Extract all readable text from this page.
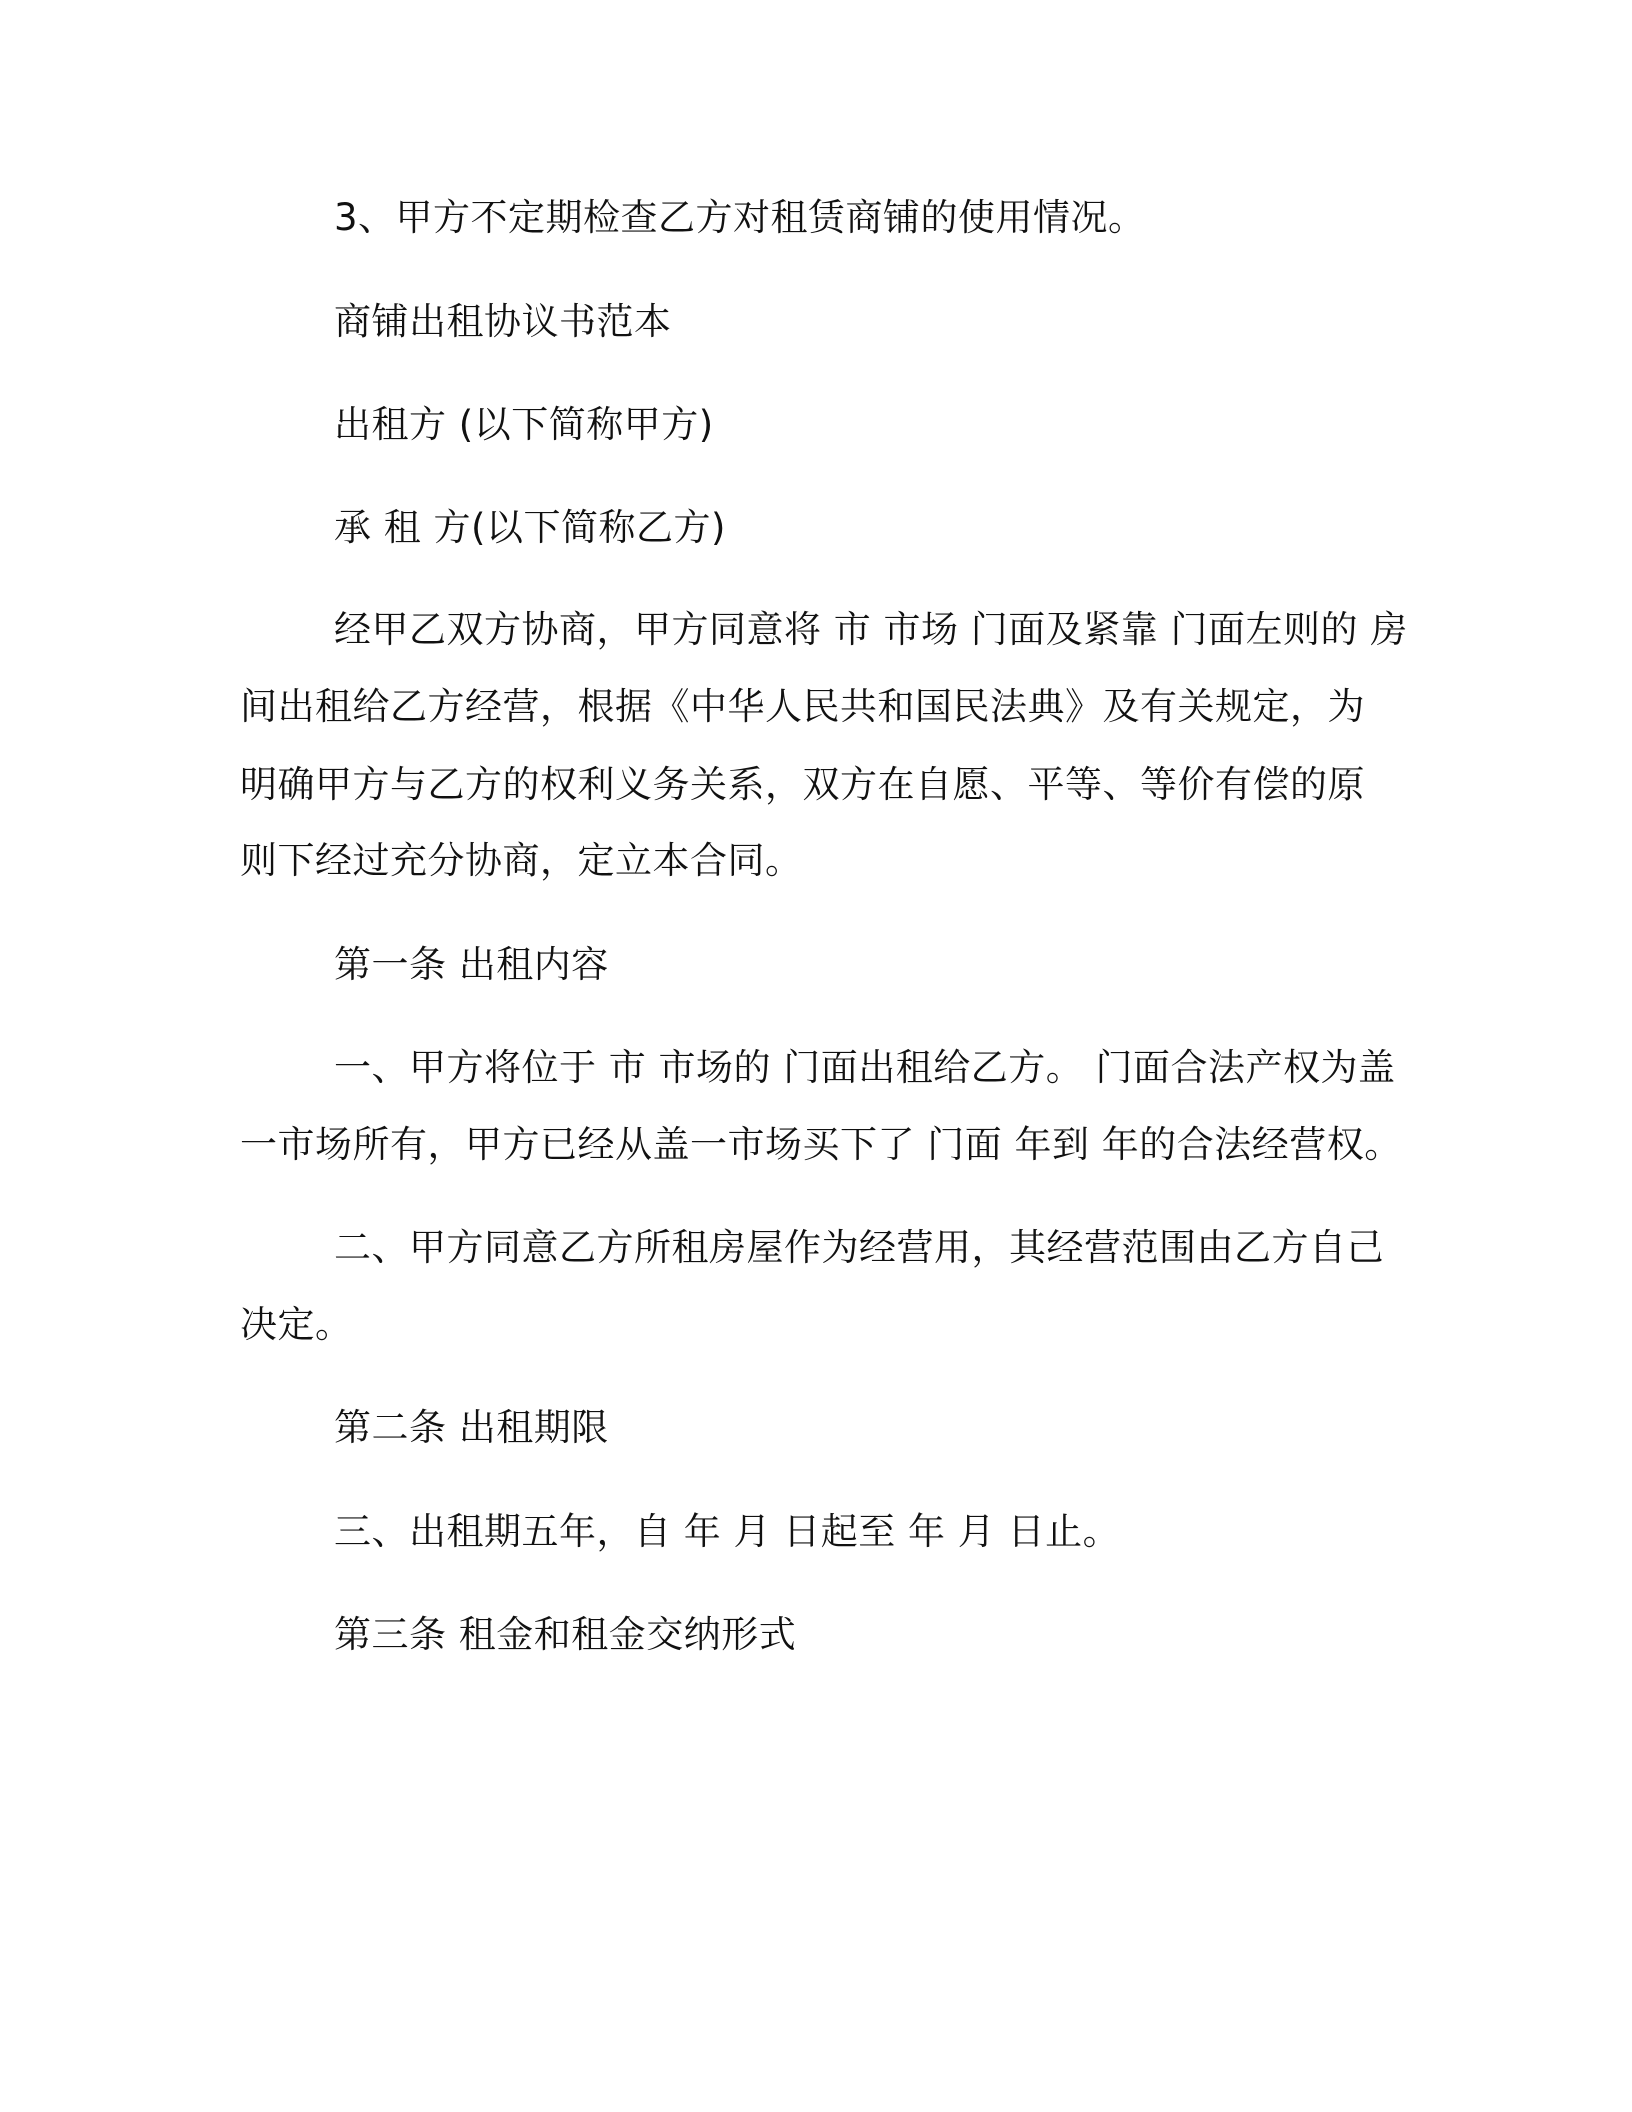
3、甲方不定期检查乙方对租赁商铺的使用情况。
商铺出租协议书范本
出租方 (以下简称甲方)
承 租 方(以下简称乙方)
经甲乙双方协商，甲方同意将 市 市场 门面及紧靠 门面左则的 房
间出租给乙方经营，根据《中华人民共和国民法典》及有关规定，为
明确甲方与乙方的权利义务关系，双方在自愿、平等、等价有偿的原
则下经过充分协商，定立本合同。
第一条 出租内容
一、甲方将位于 市 市场的 门面出租给乙方。 门面合法产权为盖
一市场所有，甲方已经从盖一市场买下了 门面 年到 年的合法经营权。
二、甲方同意乙方所租房屋作为经营用，其经营范围由乙方自己
决定。
第二条 出租期限
三、出租期五年，自 年 月 日起至 年 月 日止。
第三条 租金和租金交纳形式
